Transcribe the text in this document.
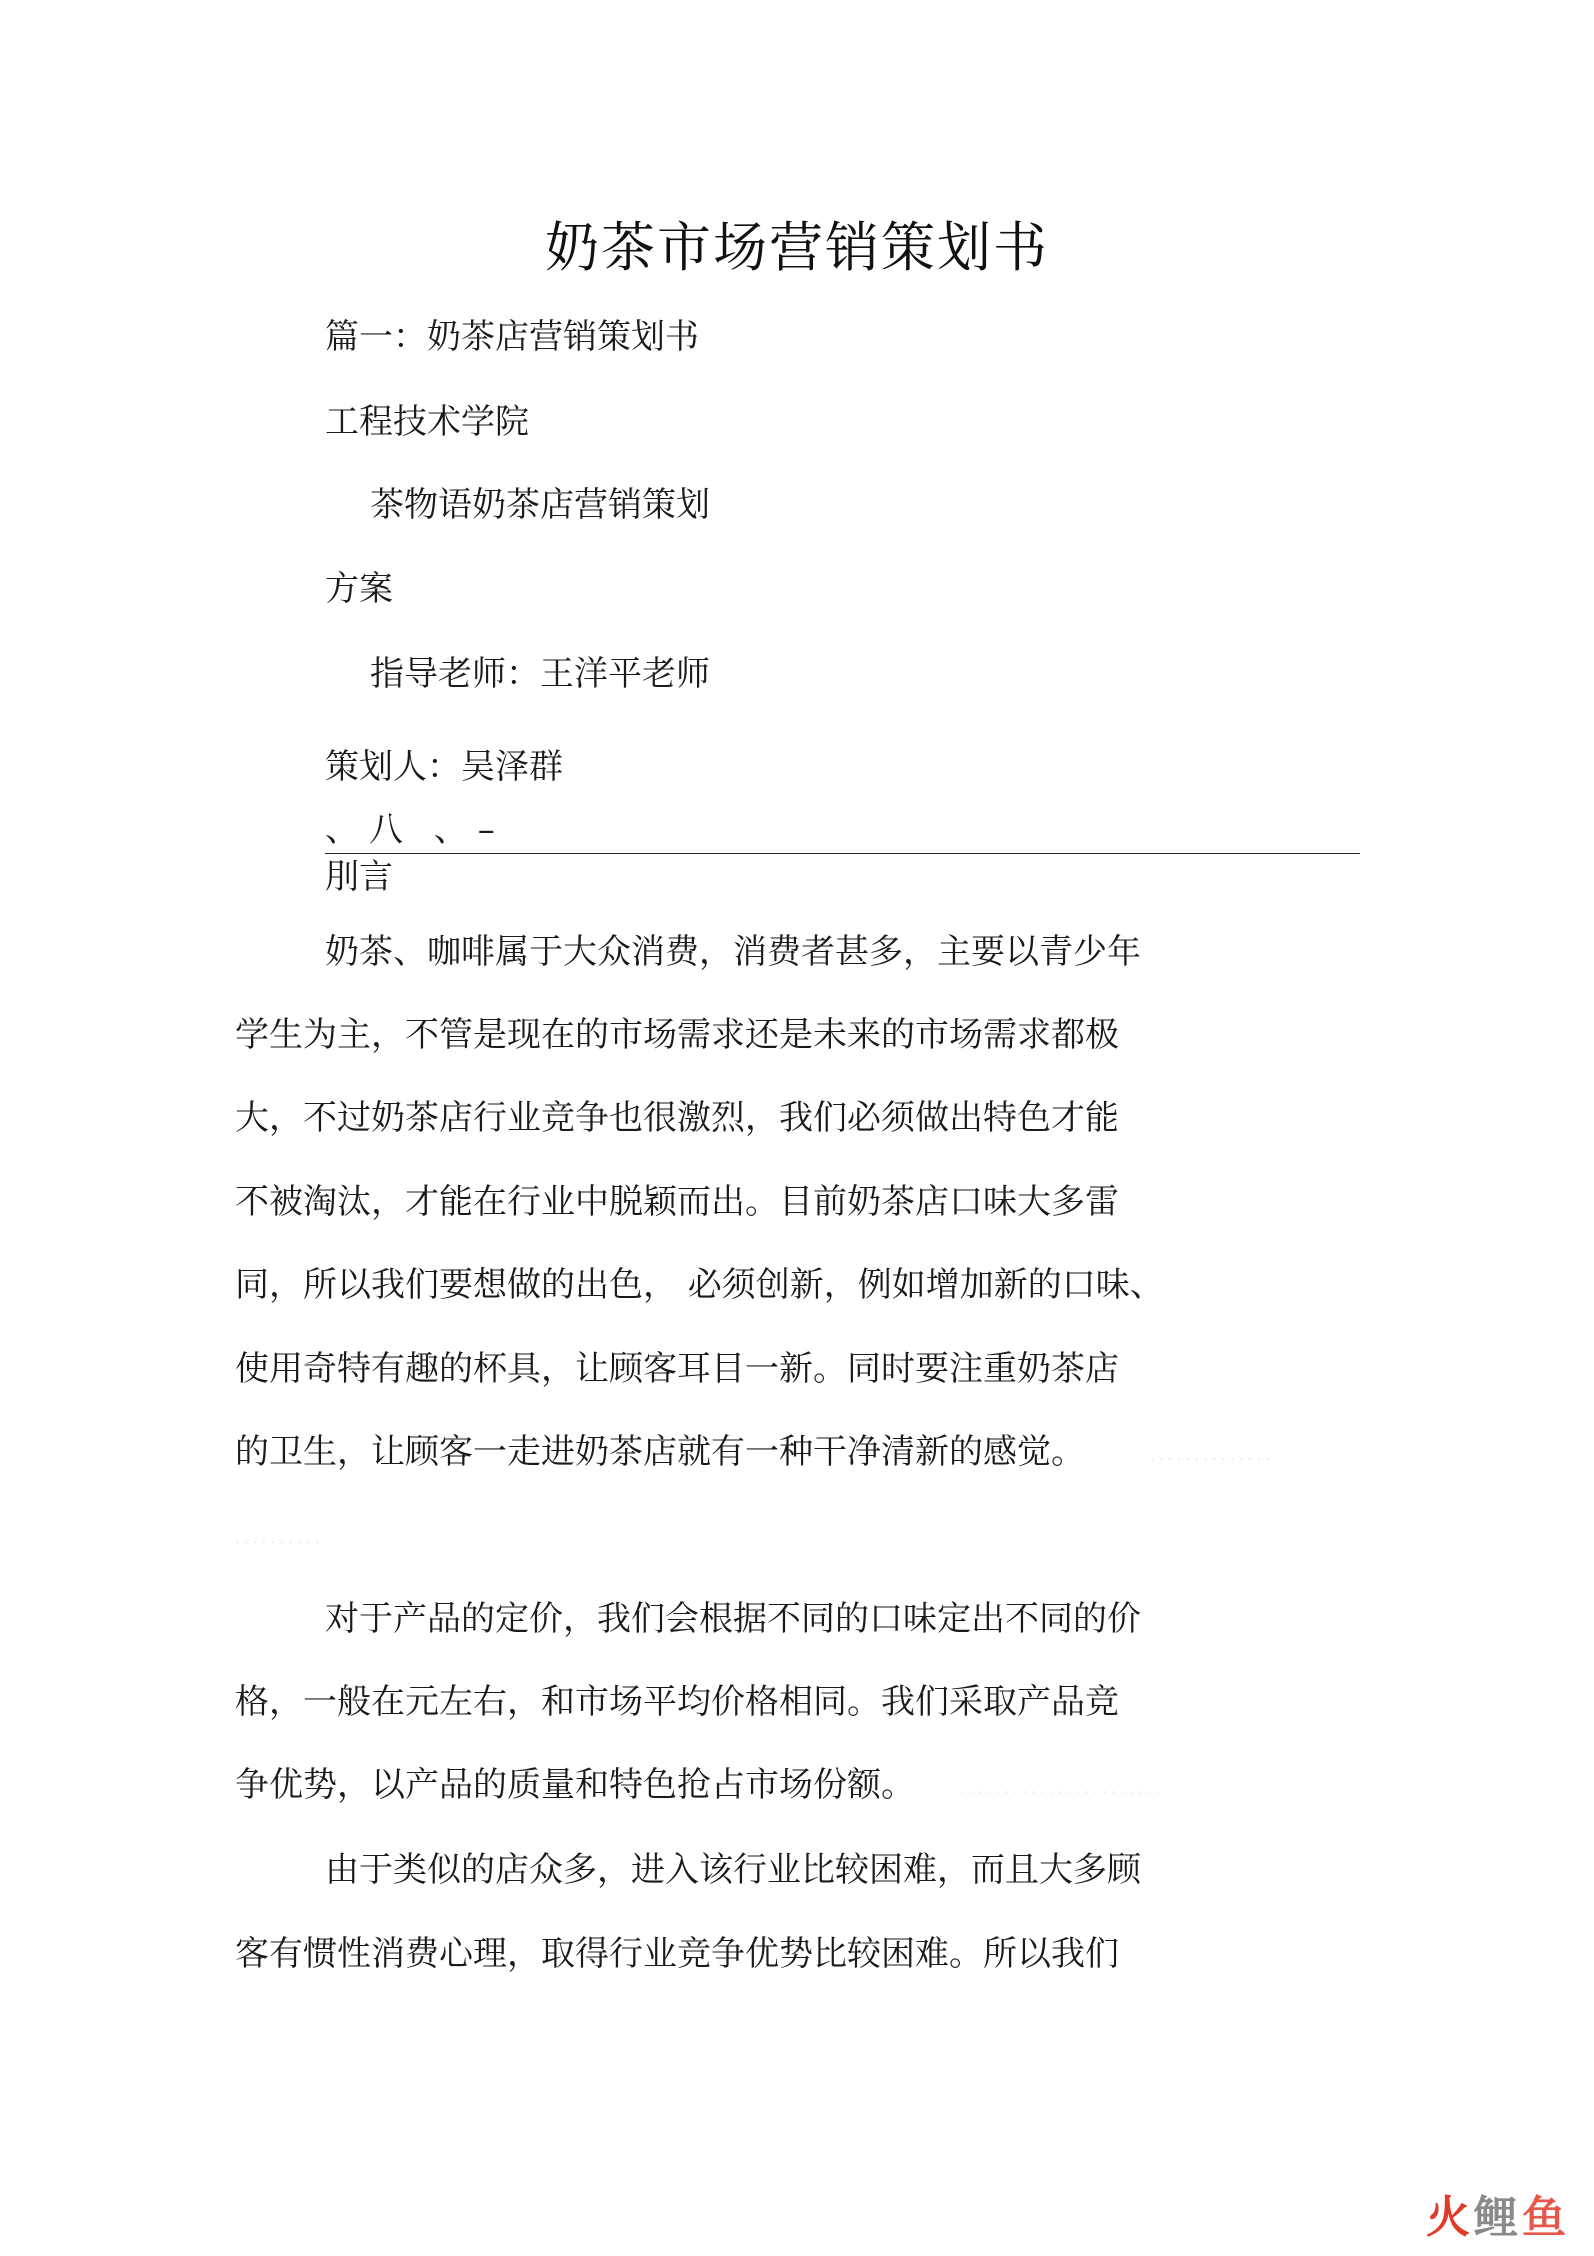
奶茶市场营销策划书
篇一：奶茶店营销策划书
工程技术学院
茶物语奶茶店营销策划
方案
指导老师：王洋平老师
策划人：吴泽群
、八 、–
刖言
奶茶、咖啡属于大众消费，消费者甚多，主要以青少年
学生为主，不管是现在的市场需求还是未来的市场需求都极
大，不过奶茶店行业竞争也很激烈，我们必须做出特色才能
不被淘汰，才能在行业中脱颖而出。目前奶茶店口味大多雷
同，所以我们要想做的出色， 必须创新，例如增加新的口味、
使用奇特有趣的杯具，让顾客耳目一新。同时要注重奶茶店
的卫生，让顾客一走进奶茶店就有一种干净清新的感觉。	· · · · · · · · · · · · · ·
· · · · · · · · · ·
· · · · · · · · · · · · · · · · · · · · · · ·
对于产品的定价，我们会根据不同的口味定出不同的价
格，一般在元左右，和市场平均价格相同。我们采取产品竞
争优势，以产品的质量和特色抢占市场份额。
由于类似的店众多，进入该行业比较困难，而且大多顾
客有惯性消费心理，取得行业竞争优势比较困难。所以我们
火 鲤 鱼
